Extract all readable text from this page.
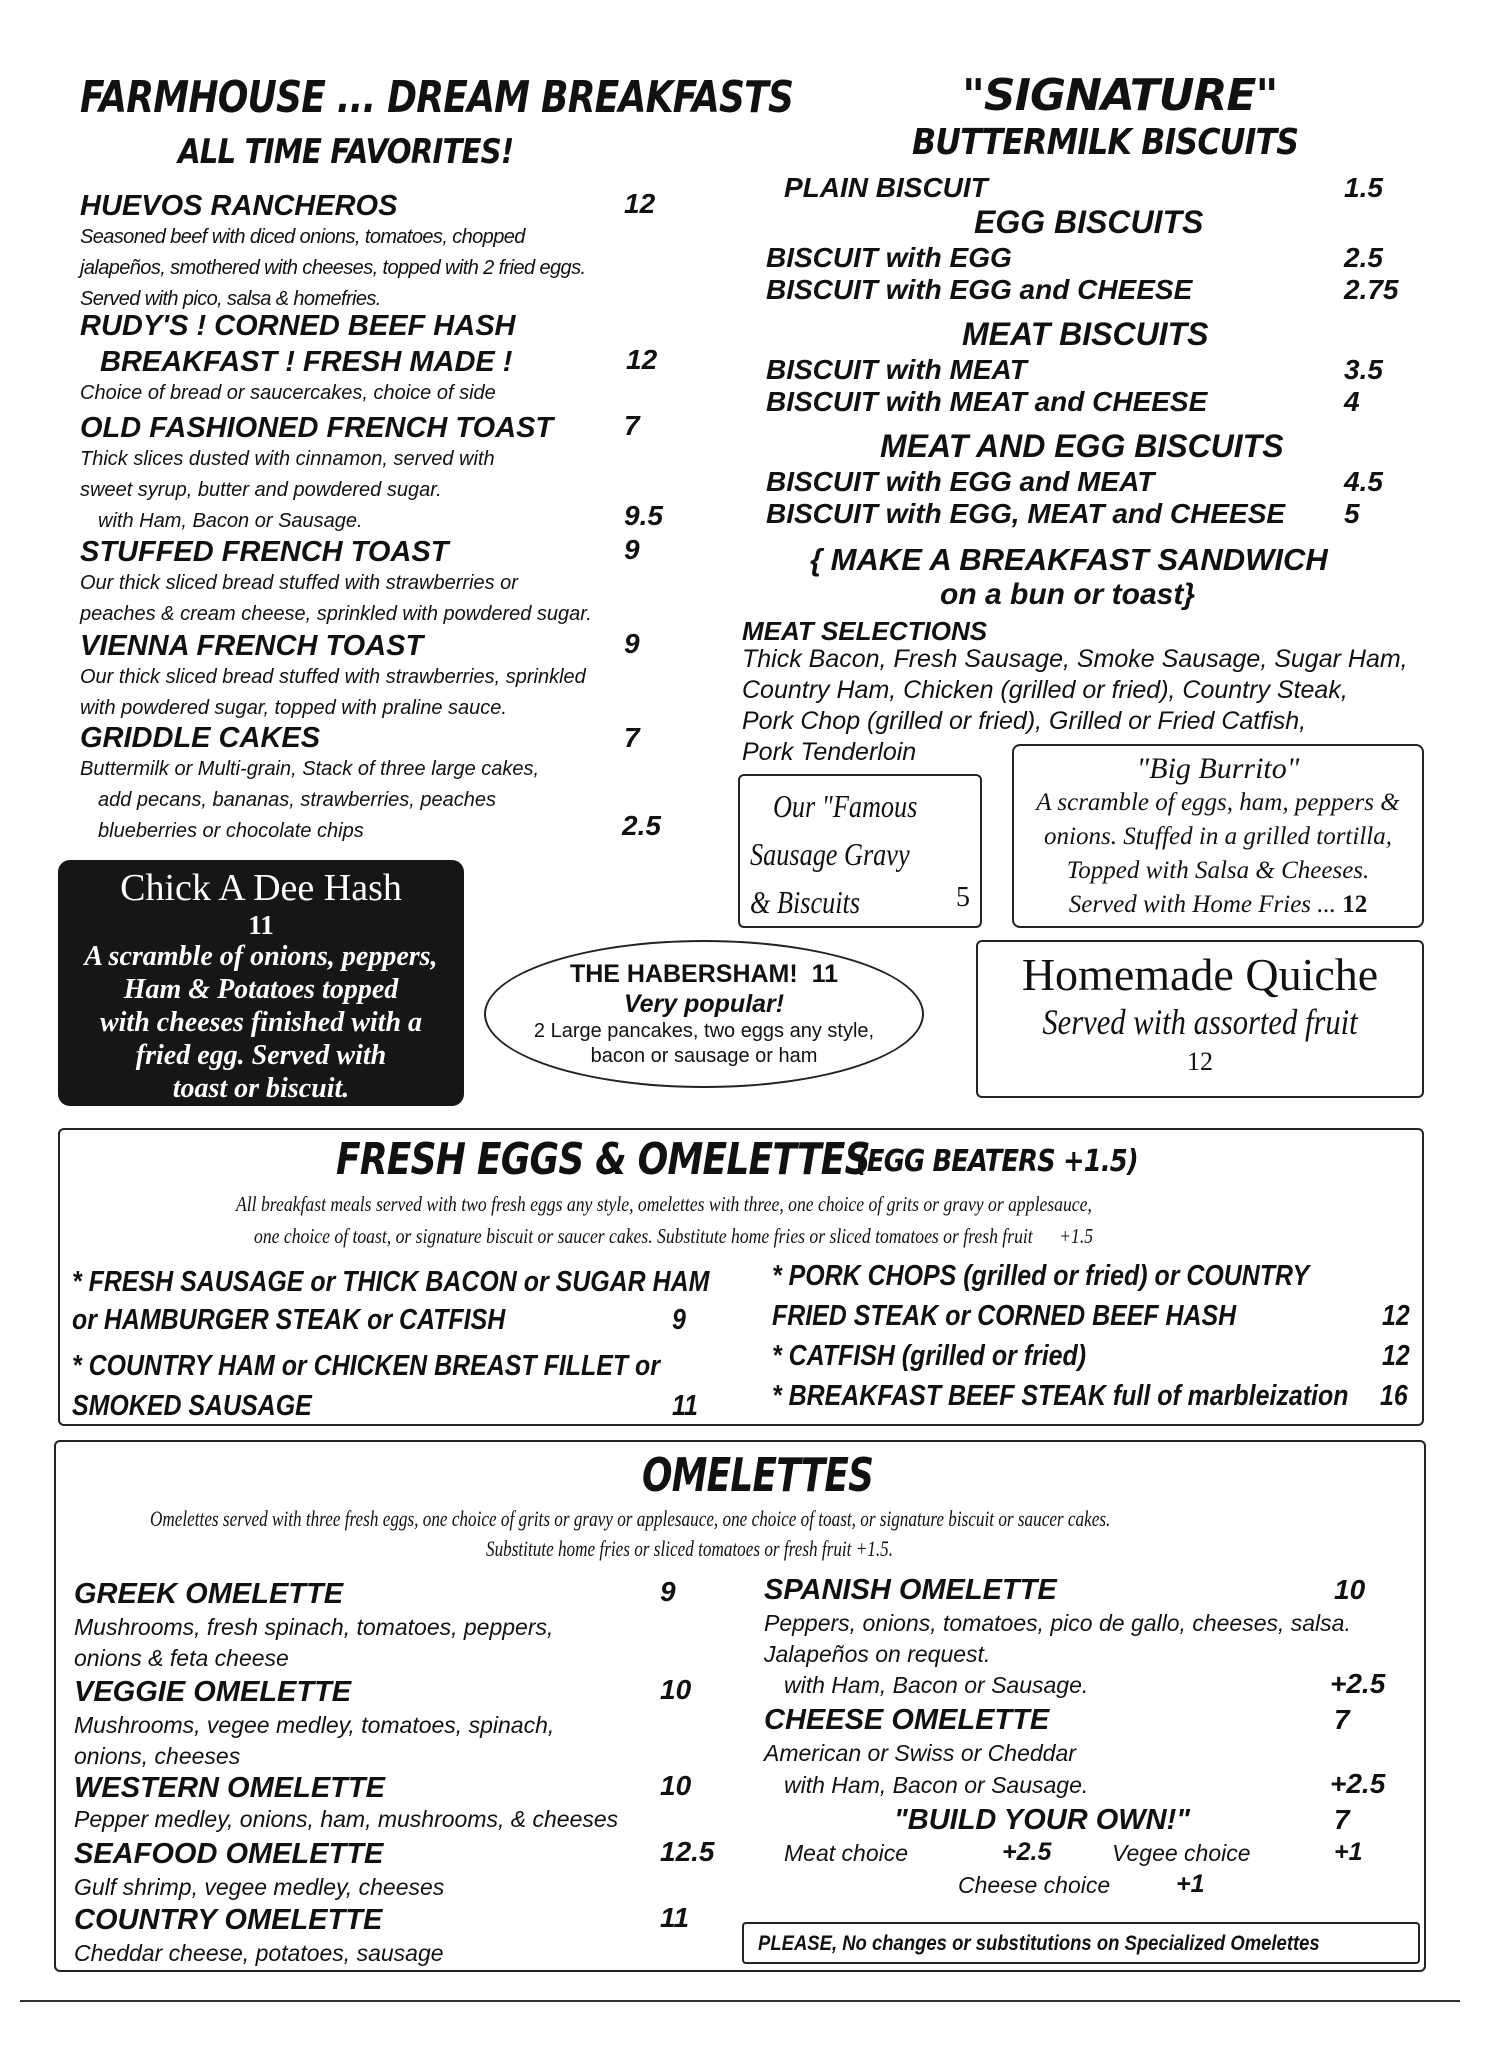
FARMHOUSE ... DREAM BREAKFASTS
ALL TIME FAVORITES!
HUEVOS RANCHEROS	12
Seasoned beef with diced onions, tomatoes, chopped
jalapeños, smothered with cheeses, topped with 2 fried eggs.
Served with pico, salsa & homefries.
RUDY'S ! CORNED BEEF HASH
BREAKFAST ! FRESH MADE !	12
Choice of bread or saucercakes, choice of side
OLD FASHIONED FRENCH TOAST	7
Thick slices dusted with cinnamon, served with
sweet syrup, butter and powdered sugar.
with Ham, Bacon or Sausage.	9.5
STUFFED FRENCH TOAST	9
Our thick sliced bread stuffed with strawberries or
peaches & cream cheese, sprinkled with powdered sugar.
VIENNA FRENCH TOAST	9
Our thick sliced bread stuffed with strawberries, sprinkled
with powdered sugar, topped with praline sauce.
GRIDDLE CAKES	7
Buttermilk or Multi-grain, Stack of three large cakes,
add pecans, bananas, strawberries, peaches
blueberries or chocolate chips	2.5
Chick A Dee Hash
11
A scramble of onions, peppers,
Ham & Potatoes topped
with cheeses finished with a
fried egg. Served with
toast or biscuit.
THE HABERSHAM! 11
Very popular!
2 Large pancakes, two eggs any style,
bacon or sausage or ham
"SIGNATURE"
BUTTERMILK BISCUITS
PLAIN BISCUIT	1.5
EGG BISCUITS
BISCUIT with EGG	2.5
BISCUIT with EGG and CHEESE	2.75
MEAT BISCUITS
BISCUIT with MEAT	3.5
BISCUIT with MEAT and CHEESE	4
MEAT AND EGG BISCUITS
BISCUIT with EGG and MEAT	4.5
BISCUIT with EGG, MEAT and CHEESE 5
{ MAKE A BREAKFAST SANDWICH
on a bun or toast}
MEAT SELECTIONS
Thick Bacon, Fresh Sausage, Smoke Sausage, Sugar Ham,
Country Ham, Chicken (grilled or fried), Country Steak,
Pork Chop (grilled or fried), Grilled or Fried Catfish,
Pork Tenderloin
Our "Famous
Sausage Gravy
& Biscuits	5
"Big Burrito"
A scramble of eggs, ham, peppers &
onions. Stuffed in a grilled tortilla,
Topped with Salsa & Cheeses.
Served with Home Fries ... 12
Homemade Quiche
Served with assorted fruit
12
FRESH EGGS & OMELETTES
(EGG BEATERS +1.5)
All breakfast meals served with two fresh eggs any style, omelettes with three, one choice of grits or gravy or applesauce,
one choice of toast, or signature biscuit or saucer cakes. Substitute home fries or sliced tomatoes or fresh fruit +1.5
* FRESH SAUSAGE or THICK BACON or SUGAR HAM
or HAMBURGER STEAK or CATFISH	9
* COUNTRY HAM or CHICKEN BREAST FILLET or
SMOKED SAUSAGE	11
* PORK CHOPS (grilled or fried) or COUNTRY
FRIED STEAK or CORNED BEEF HASH	12
* CATFISH (grilled or fried)	12
* BREAKFAST BEEF STEAK full of marbleization 16
OMELETTES
Omelettes served with three fresh eggs, one choice of grits or gravy or applesauce, one choice of toast, or signature biscuit or saucer cakes.
Substitute home fries or sliced tomatoes or fresh fruit +1.5.
GREEK OMELETTE	9
Mushrooms, fresh spinach, tomatoes, peppers,
onions & feta cheese
VEGGIE OMELETTE	10
Mushrooms, vegee medley, tomatoes, spinach,
onions, cheeses
WESTERN OMELETTE	10
Pepper medley, onions, ham, mushrooms, & cheeses
SEAFOOD OMELETTE	12.5
Gulf shrimp, vegee medley, cheeses
COUNTRY OMELETTE	11
Cheddar cheese, potatoes, sausage
SPANISH OMELETTE	10
Peppers, onions, tomatoes, pico de gallo, cheeses, salsa.
Jalapeños on request.
with Ham, Bacon or Sausage.	+2.5
CHEESE OMELETTE	7
American or Swiss or Cheddar
with Ham, Bacon or Sausage.	+2.5
"BUILD YOUR OWN!"	7
Meat choice	+2.5	Vegee choice	+1
Cheese choice	+1
PLEASE, No changes or substitutions on Specialized Omelettes
